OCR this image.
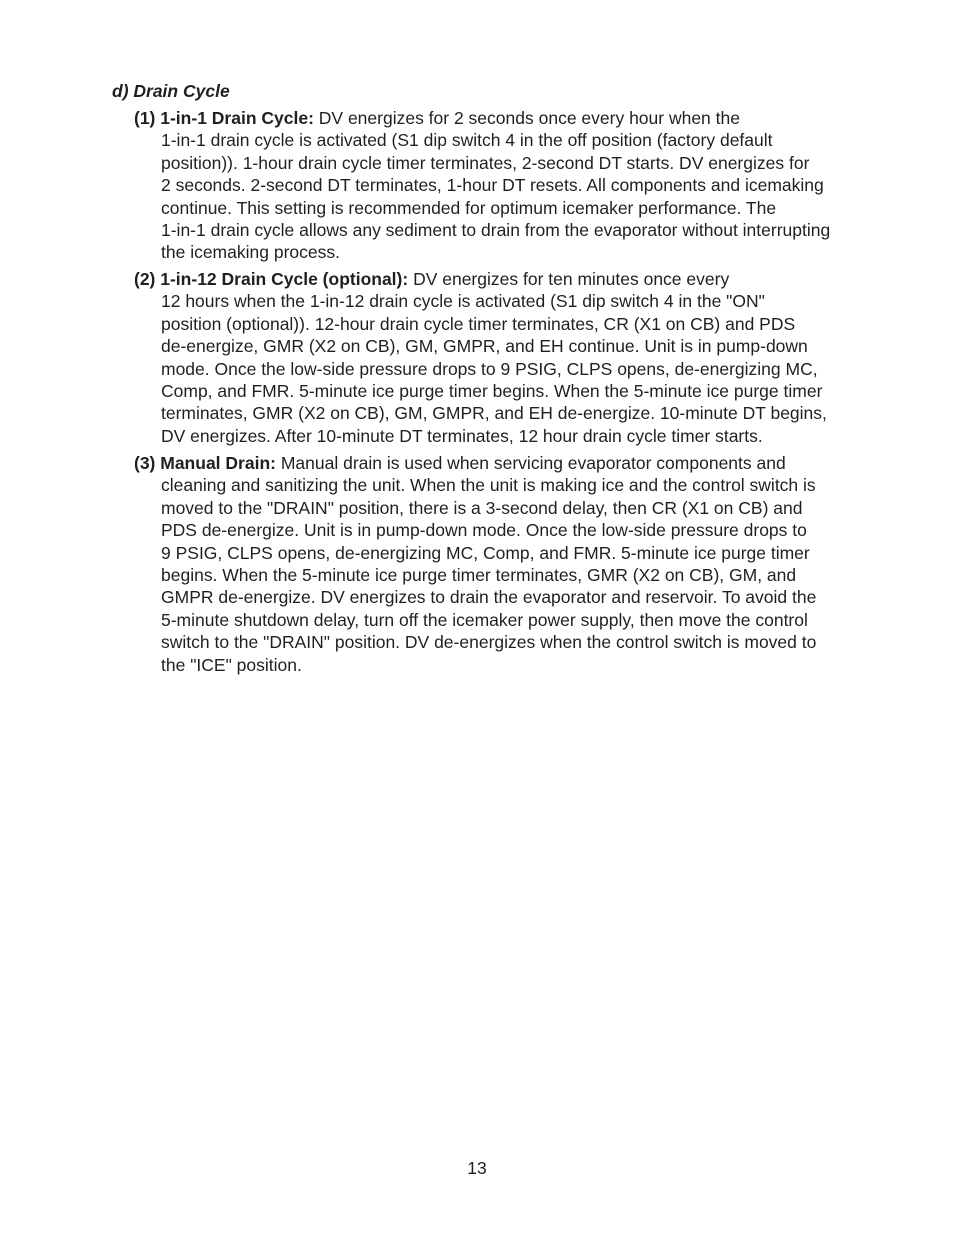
d) Drain Cycle

(1) 1-in-1 Drain Cycle: DV energizes for 2 seconds once every hour when the

1-in-1 drain cycle is activated (S1 dip switch 4 in the off position (factory default

position)). 1-hour drain cycle timer terminates, 2-second DT starts. DV energizes for

2 seconds. 2-second DT terminates, 1-hour DT resets. All components and icemaking

continue. This setting is recommended for optimum icemaker performance. The

1-in-1 drain cycle allows any sediment to drain from the evaporator without interrupting

the icemaking process.

(2) 1-in-12 Drain Cycle (optional): DV energizes for ten minutes once every

12 hours when the 1-in-12 drain cycle is activated (S1 dip switch 4 in the "ON"

position (optional)). 12-hour drain cycle timer terminates, CR (X1 on CB) and PDS

de-energize, GMR (X2 on CB), GM, GMPR, and EH continue. Unit is in pump-down

mode. Once the low-side pressure drops to 9 PSIG, CLPS opens, de-energizing MC,

Comp, and FMR. 5-minute ice purge timer begins. When the 5-minute ice purge timer

terminates, GMR (X2 on CB), GM, GMPR, and EH de-energize. 10-minute DT begins,

DV energizes. After 10-minute DT terminates, 12 hour drain cycle timer starts.

(3) Manual Drain: Manual drain is used when servicing evaporator components and

cleaning and sanitizing the unit. When the unit is making ice and the control switch is

moved to the "DRAIN" position, there is a 3-second delay, then CR (X1 on CB) and

PDS de-energize. Unit is in pump-down mode. Once the low-side pressure drops to

9 PSIG, CLPS opens, de-energizing MC, Comp, and FMR. 5-minute ice purge timer

begins. When the 5-minute ice purge timer terminates, GMR (X2 on CB), GM, and

GMPR de-energize. DV energizes to drain the evaporator and reservoir. To avoid the

5-minute shutdown delay, turn off the icemaker power supply, then move the control

switch to the "DRAIN" position. DV de-energizes when the control switch is moved to

the "ICE" position.

13
